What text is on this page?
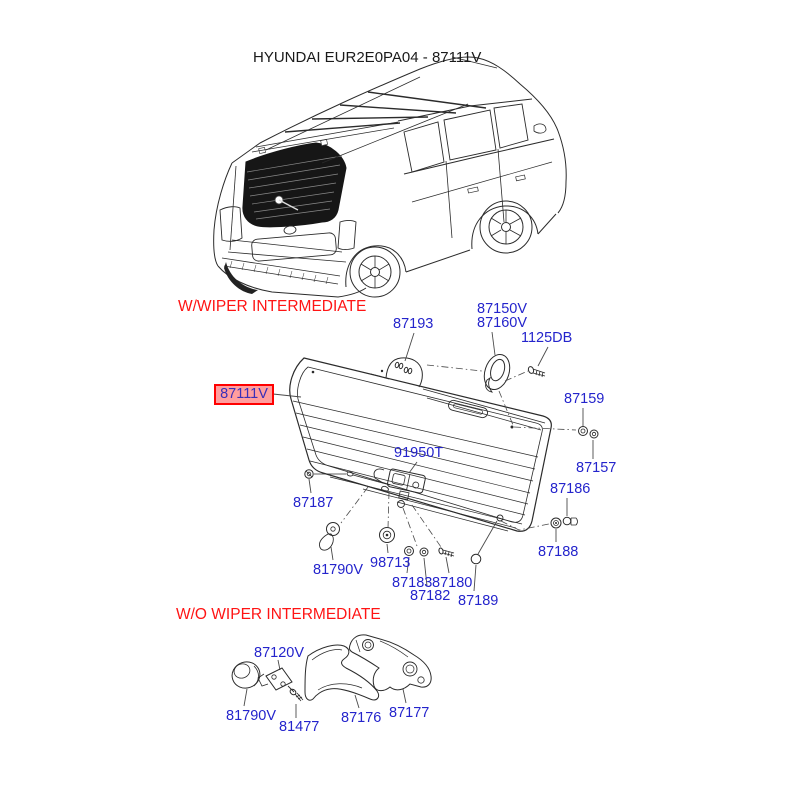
HYUNDAI EUR2E0PA04 - 87111V
W/WIPER INTERMEDIATE
W/O WIPER INTERMEDIATE
87111V
87193
87150V
87160V
1125DB
87159
87157
87186
87188
91950T
87187
81790V 98713
87183 87180
87182 87189
87120V
81790V
81477
87176 87177
